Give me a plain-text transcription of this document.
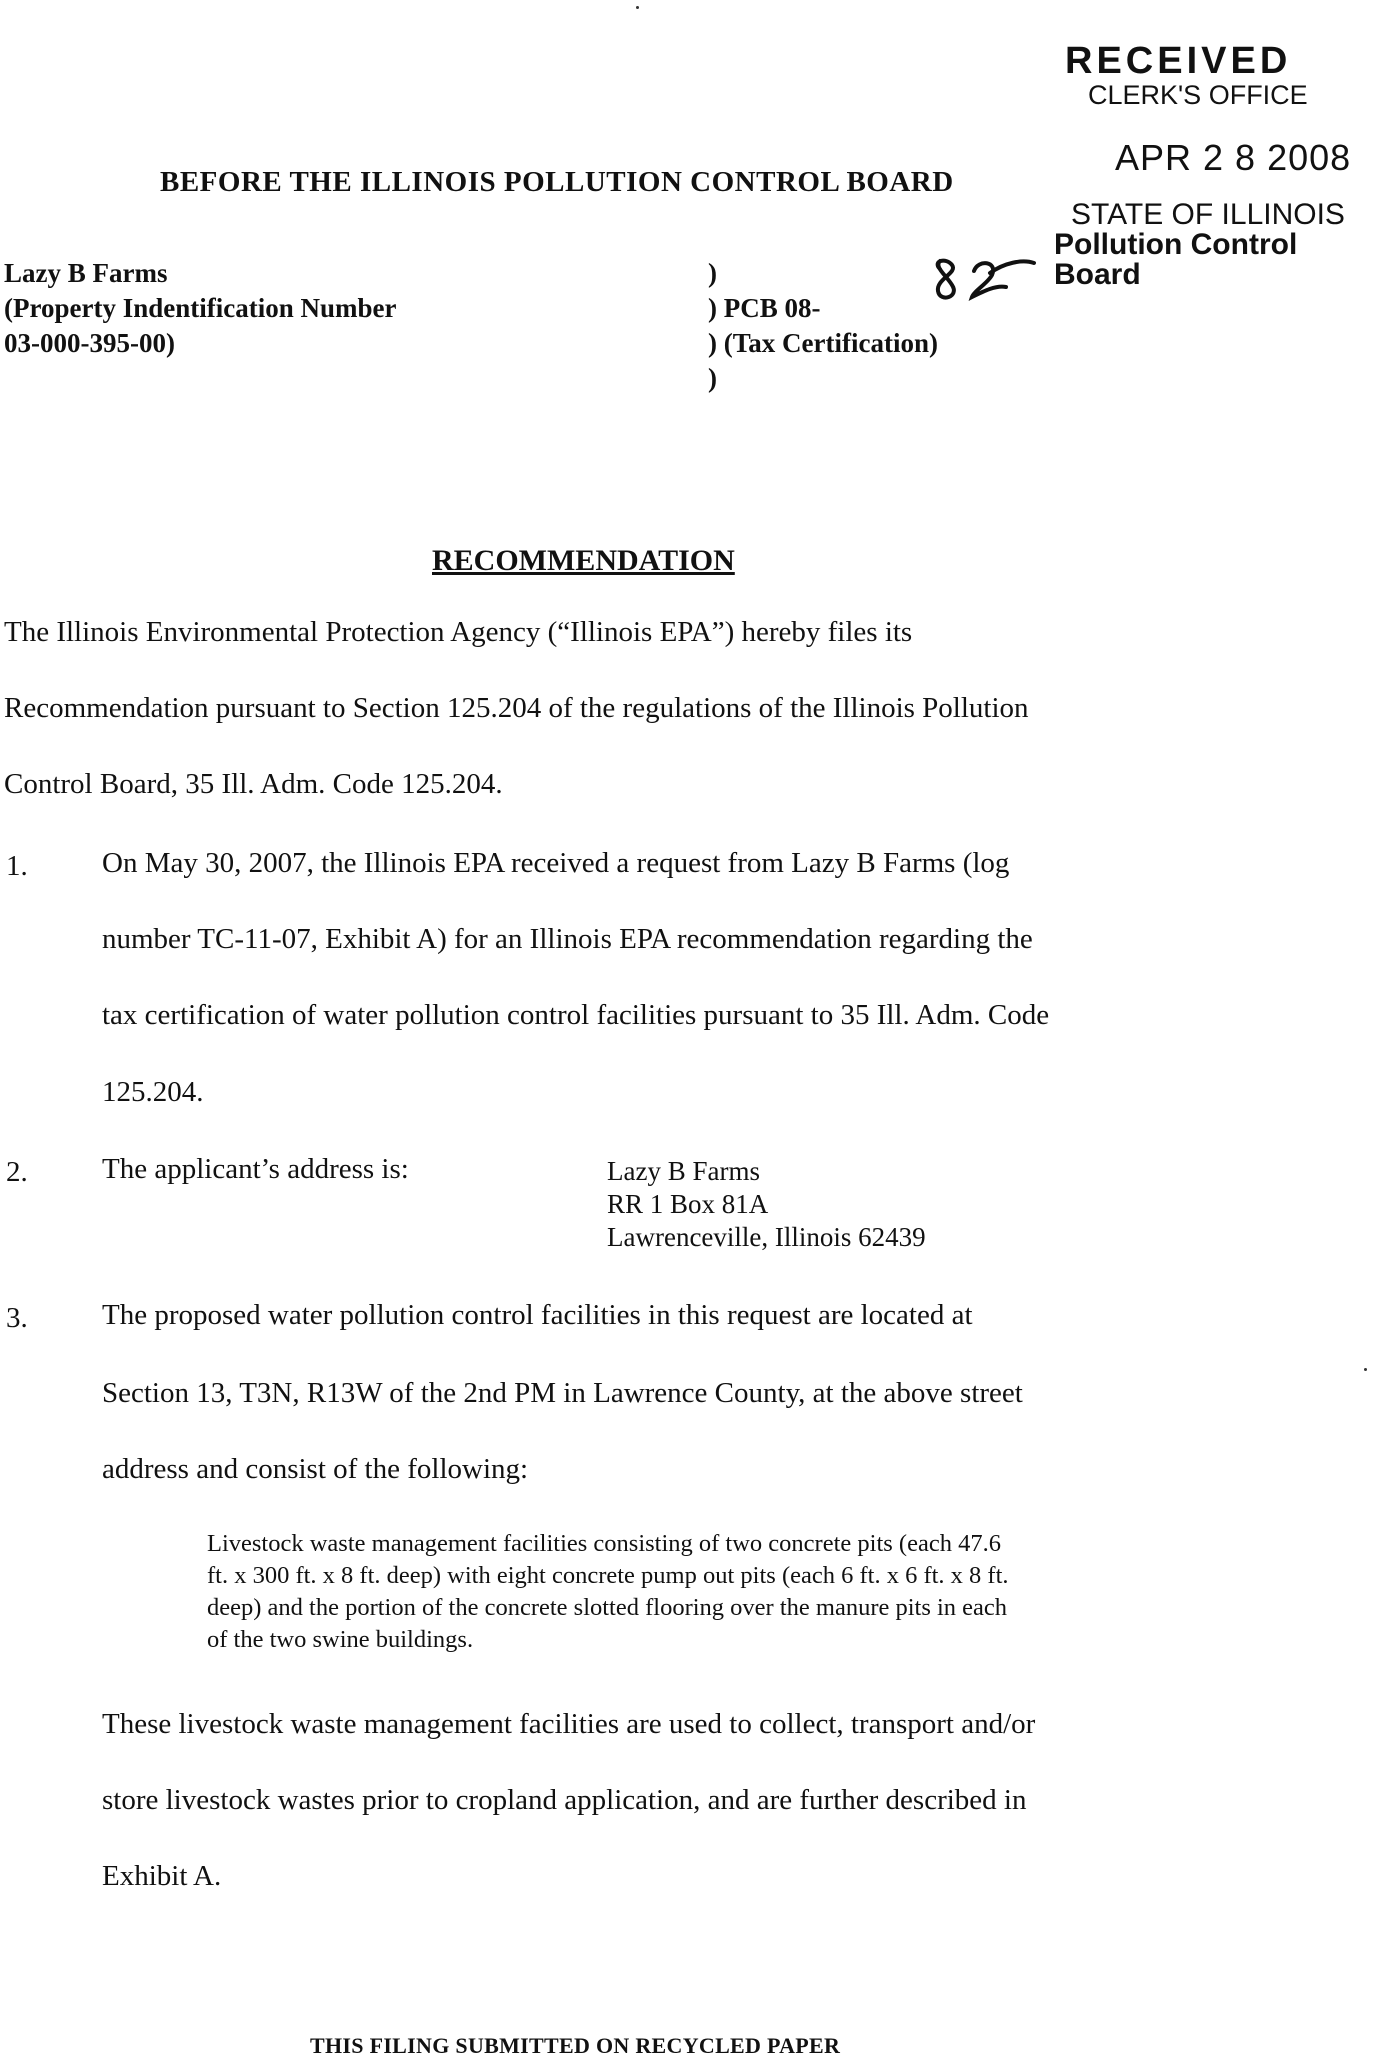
RECEIVED
CLERK'S OFFICE
APR 2 8 2008
STATE OF ILLINOIS
Pollution Control Board
BEFORE THE ILLINOIS POLLUTION CONTROL BOARD
Lazy B Farms
(Property Indentification Number
03-000-395-00)
)
) PCB 08-
) (Tax Certification)
)
RECOMMENDATION
The Illinois Environmental Protection Agency (“Illinois EPA”) hereby files its
Recommendation pursuant to Section 125.204 of the regulations of the Illinois Pollution
Control Board, 35 Ill. Adm. Code 125.204.
1.	On May 30, 2007, the Illinois EPA received a request from Lazy B Farms (log
number TC-11-07, Exhibit A) for an Illinois EPA recommendation regarding the
tax certification of water pollution control facilities pursuant to 35 Ill. Adm. Code
125.204.
2.	The applicant’s address is:	Lazy B Farms
RR 1 Box 81A
Lawrenceville, Illinois 62439
3.	The proposed water pollution control facilities in this request are located at
Section 13, T3N, R13W of the 2nd PM in Lawrence County, at the above street
address and consist of the following:
Livestock waste management facilities consisting of two concrete pits (each 47.6
ft. x 300 ft. x 8 ft. deep) with eight concrete pump out pits (each 6 ft. x 6 ft. x 8 ft.
deep) and the portion of the concrete slotted flooring over the manure pits in each
of the two swine buildings.
These livestock waste management facilities are used to collect, transport and/or
store livestock wastes prior to cropland application, and are further described in
Exhibit A.
THIS FILING SUBMITTED ON RECYCLED PAPER
